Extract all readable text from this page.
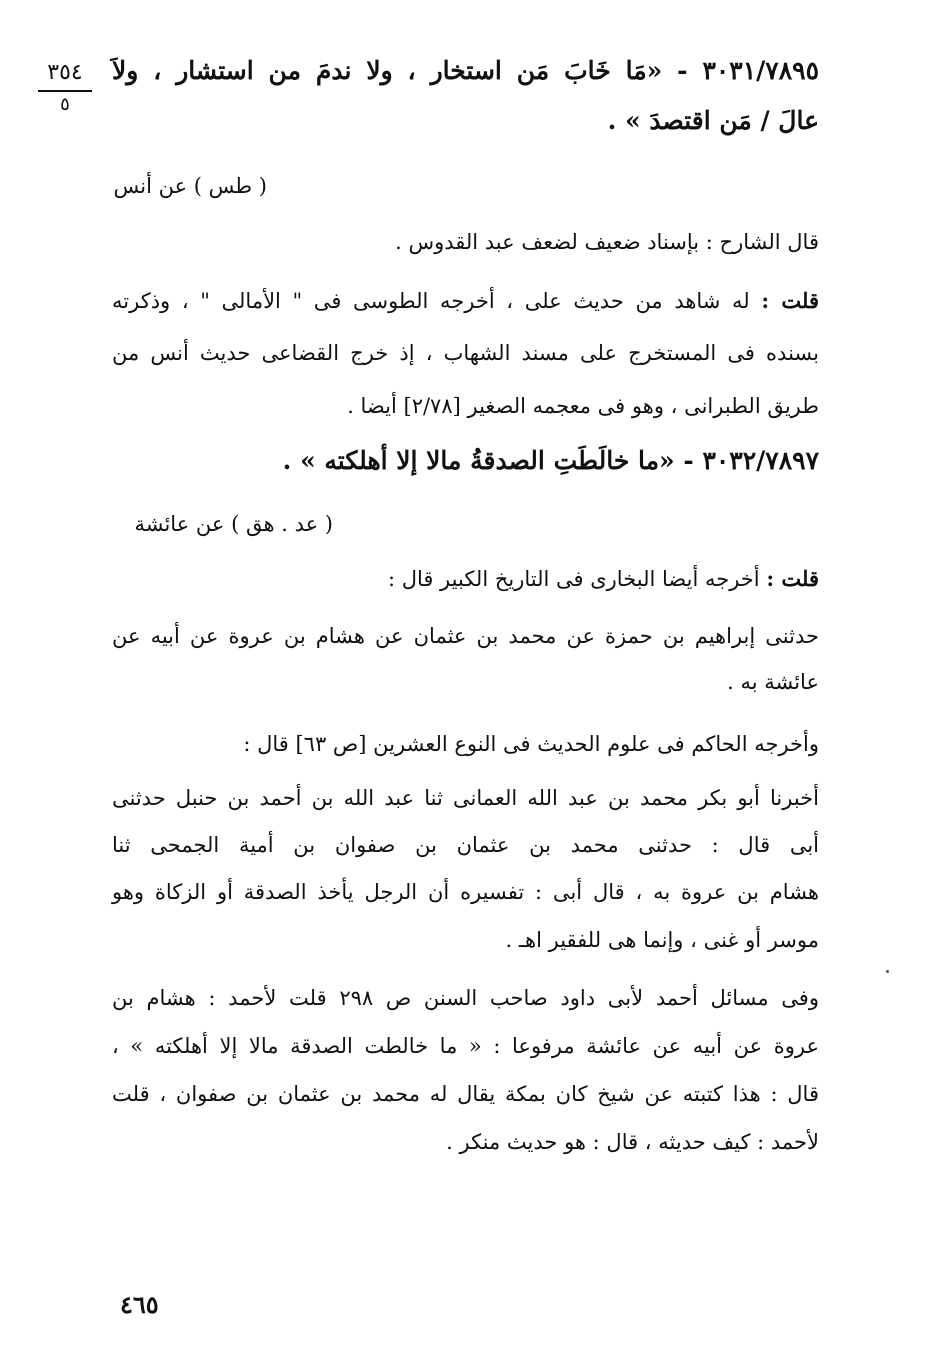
٣٥٤
٥
٣٠٣١/٧٨٩٥ - «مَا خَابَ مَن استخار ، ولا ندمَ من استشار ، ولاَ
عالَ / مَن اقتصدَ » .
( طس ) عن أنس
قال الشارح : بإسناد ضعيف لضعف عبد القدوس .
قلت : له شاهد من حديث على ، أخرجه الطوسى فى " الأمالى " ، وذكرته
بسنده فى المستخرج على مسند الشهاب ، إذ خرج القضاعى حديث أنس من
طريق الطبرانى ، وهو فى معجمه الصغير [٢/٧٨] أيضا .
٣٠٣٢/٧٨٩٧ - «ما خالَطَتِ الصدقةُ مالا إلا أهلكته » .
( عد . هق ) عن عائشة
قلت : أخرجه أيضا البخارى فى التاريخ الكبير قال :
حدثنى إبراهيم بن حمزة عن محمد بن عثمان عن هشام بن عروة عن أبيه عن
عائشة به .
وأخرجه الحاكم فى علوم الحديث فى النوع العشرين [ص ٦٣] قال :
أخبرنا أبو بكر محمد بن عبد الله العمانى ثنا عبد الله بن أحمد بن حنبل حدثنى
أبى قال : حدثنى محمد بن عثمان بن صفوان بن أمية الجمحى ثنا
هشام بن عروة به ، قال أبى : تفسيره أن الرجل يأخذ الصدقة أو الزكاة وهو
موسر أو غنى ، وإنما هى للفقير اهـ .
وفى مسائل أحمد لأبى داود صاحب السنن ص ٢٩٨ قلت لأحمد : هشام بن
عروة عن أبيه عن عائشة مرفوعا : « ما خالطت الصدقة مالا إلا أهلكته » ،
قال : هذا كتبته عن شيخ كان بمكة يقال له محمد بن عثمان بن صفوان ، قلت
لأحمد : كيف حديثه ، قال : هو حديث منكر .
٤٦٥
